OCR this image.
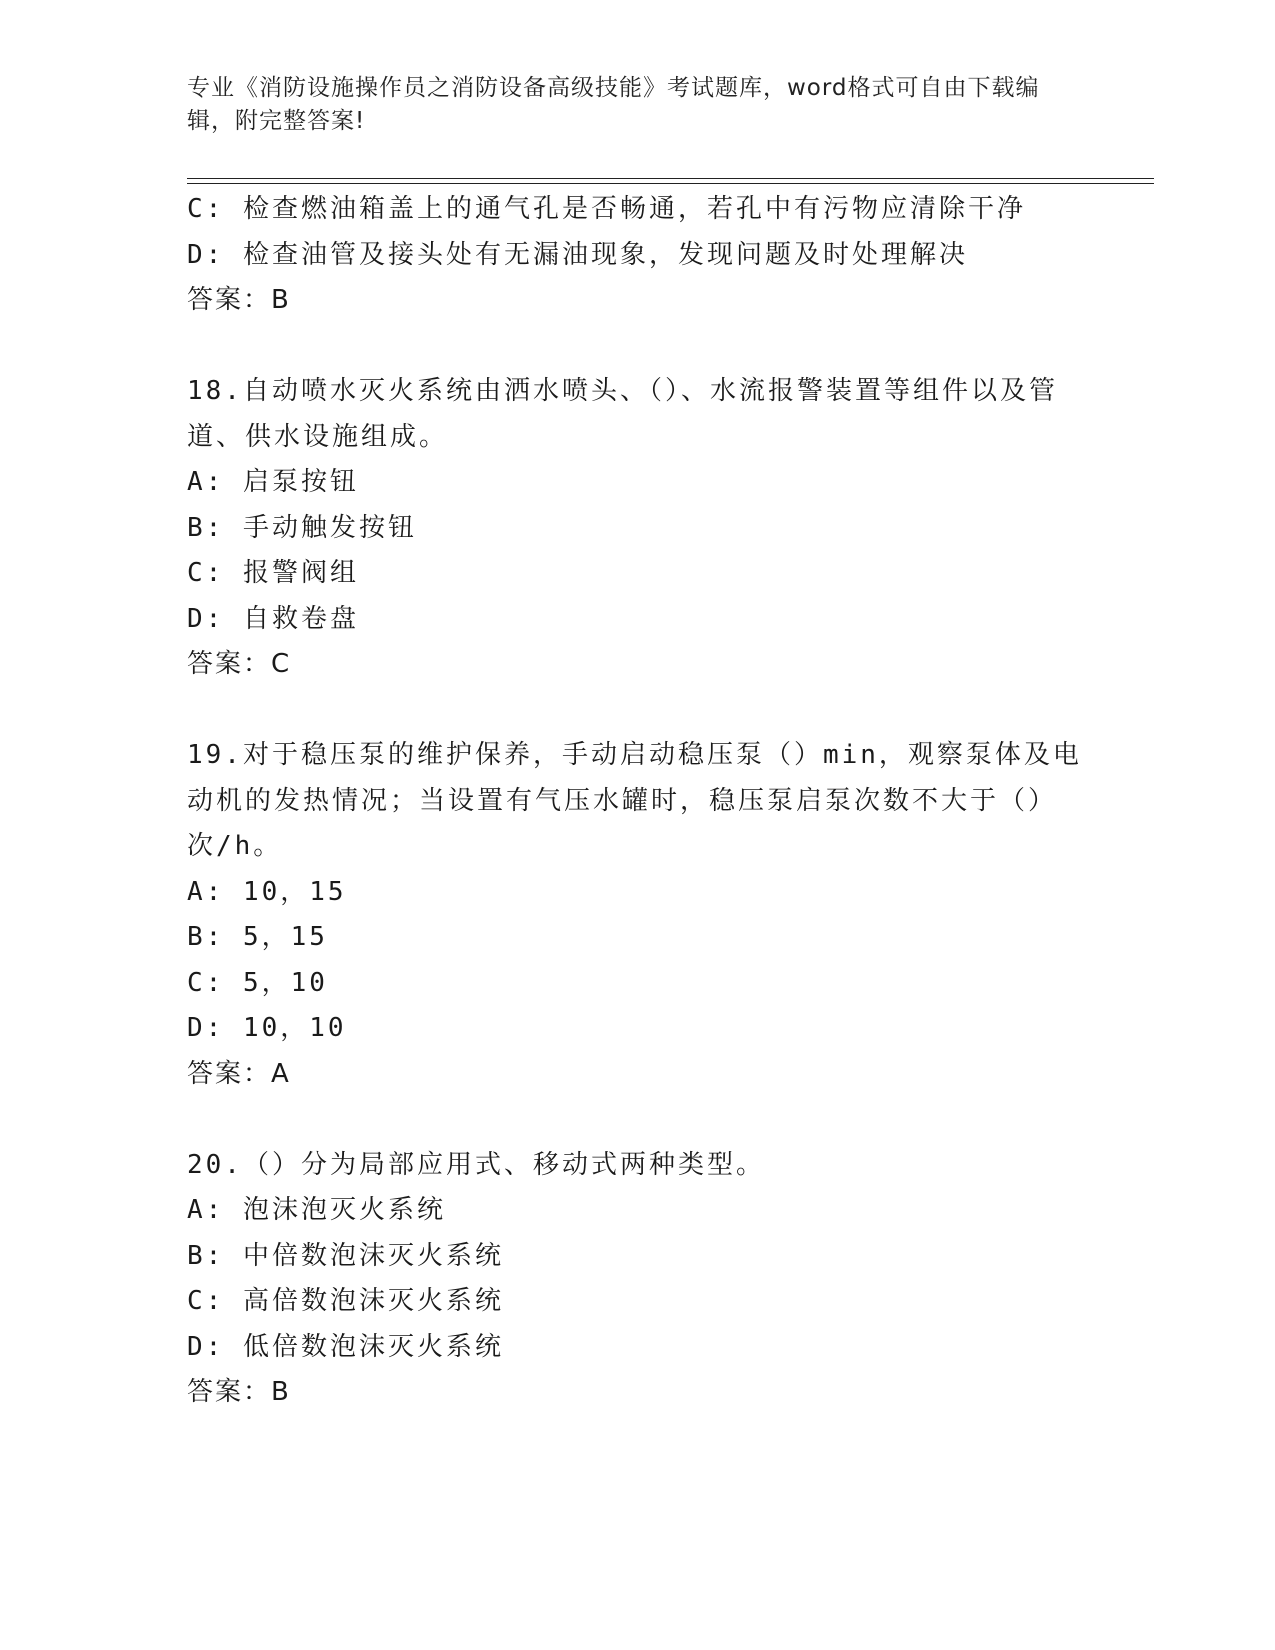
专业《消防设施操作员之消防设备高级技能》考试题库，word格式可自由下载编
辑，附完整答案!
C: 检查燃油箱盖上的通气孔是否畅通，若孔中有污物应清除干净
D: 检查油管及接头处有无漏油现象，发现问题及时处理解决
答案：B
18.自动喷水灭火系统由洒水喷头、（）、水流报警装置等组件以及管
道、供水设施组成。
A: 启泵按钮
B: 手动触发按钮
C: 报警阀组
D: 自救卷盘
答案：C
19.对于稳压泵的维护保养，手动启动稳压泵（）min，观察泵体及电
动机的发热情况；当设置有气压水罐时，稳压泵启泵次数不大于（）
次/h。
A: 10，15
B: 5，15
C: 5，10
D: 10，10
答案：A
20.（）分为局部应用式、移动式两种类型。
A: 泡沫泡灭火系统
B: 中倍数泡沫灭火系统
C: 高倍数泡沫灭火系统
D: 低倍数泡沫灭火系统
答案：B
